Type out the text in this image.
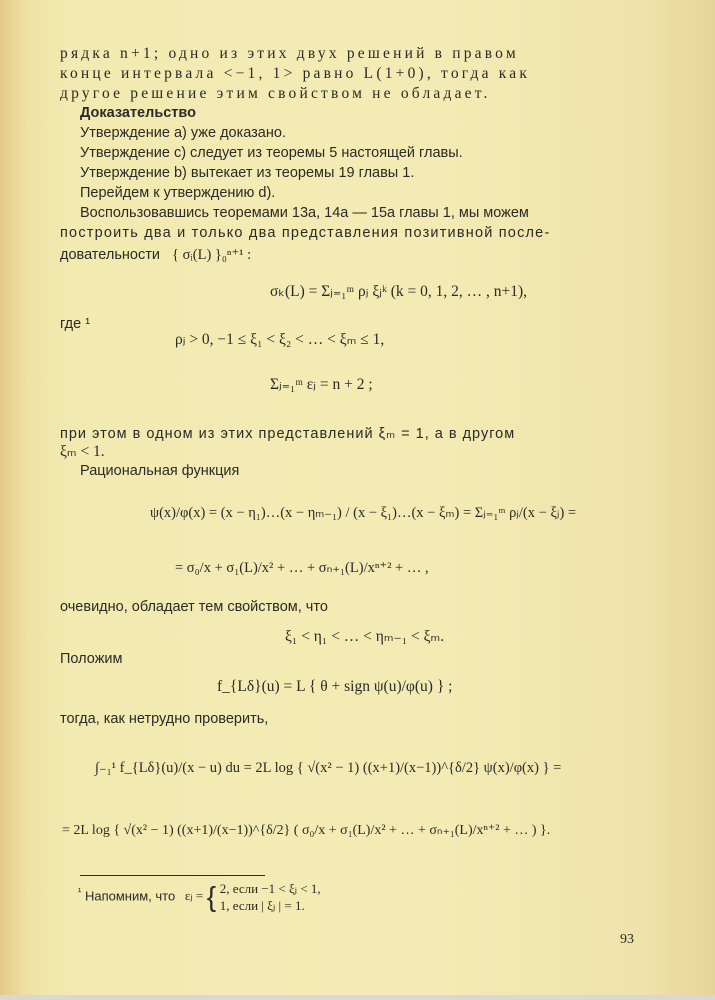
рядка n+1; одно из этих двух решений в правом
конце интервала <−1, 1> равно L(1+0), тогда как
другое решение этим свойством не обладает.
Доказательство
Утверждение a) уже доказано.
Утверждение c) следует из теоремы 5 настоящей главы.
Утверждение b) вытекает из теоремы 19 главы 1.
Перейдем к утверждению d).
Воспользовавшись теоремами 13a, 14a — 15a главы 1, мы можем
построить два и только два представления позитивной после-
довательности { σᵢ(L) }₀ⁿ⁺¹ :
σₖ(L) = Σⱼ₌₁ᵐ ρⱼ ξⱼᵏ (k = 0, 1, 2, … , n+1),
где ¹
ρⱼ > 0, −1 ≤ ξ₁ < ξ₂ < … < ξₘ ≤ 1,
Σⱼ₌₁ᵐ εⱼ = n + 2 ;
при этом в одном из этих представлений ξₘ = 1, а в другом
ξₘ < 1.
Рациональная функция
ψ(x)/φ(x) = (x − η₁)…(x − ηₘ₋₁) / (x − ξ₁)…(x − ξₘ) = Σⱼ₌₁ᵐ ρⱼ/(x − ξⱼ) =
= σ₀/x + σ₁(L)/x² + … + σₙ₊₁(L)/xⁿ⁺² + … ,
очевидно, обладает тем свойством, что
ξ₁ < η₁ < … < ηₘ₋₁ < ξₘ.
Положим
f_{Lδ}(u) = L { θ + sign ψ(u)/φ(u) } ;
тогда, как нетрудно проверить,
∫₋₁¹ f_{Lδ}(u)/(x − u) du = 2L log { √(x² − 1) ((x+1)/(x−1))^{δ/2} ψ(x)/φ(x) } =
= 2L log { √(x² − 1) ((x+1)/(x−1))^{δ/2} ( σ₀/x + σ₁(L)/x² + … + σₙ₊₁(L)/xⁿ⁺² + … ) }.
$^{^1}$ Напомним, что εⱼ = { 2, если −1 < ξⱼ < 1,
1, если | ξⱼ | = 1.
93
